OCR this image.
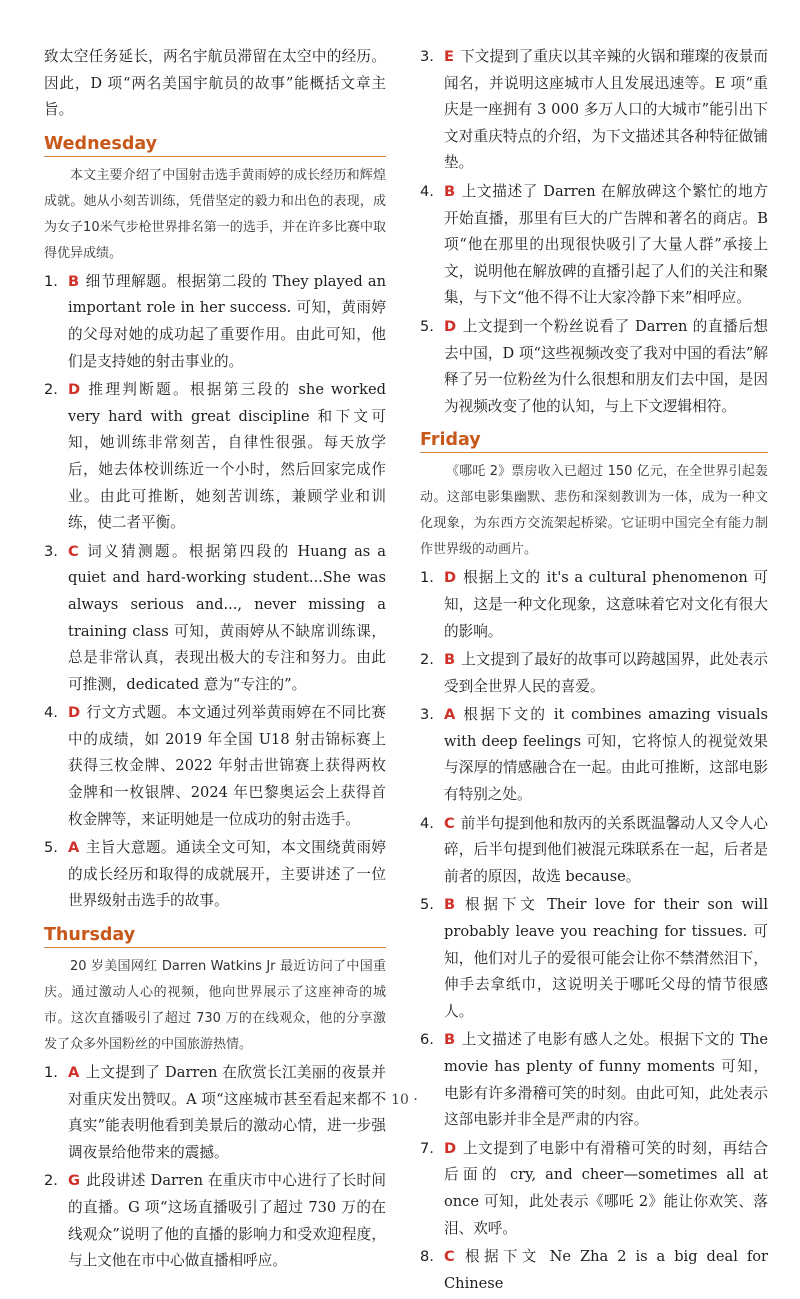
致太空任务延长，两名宇航员滞留在太空中的经历。因此，D 项“两名美国宇航员的故事”能概括文章主旨。

Wednesday

本文主要介绍了中国射击选手黄雨婷的成长经历和辉煌成就。她从小刻苦训练，凭借坚定的毅力和出色的表现，成为女子10米气步枪世界排名第一的选手，并在许多比赛中取得优异成绩。

1. B 细节理解题。根据第二段的 They played an important role in her success. 可知，黄雨婷的父母对她的成功起了重要作用。由此可知，他们是支持她的射击事业的。
2. D 推理判断题。根据第三段的 she worked very hard with great discipline 和下文可知，她训练非常刻苦，自律性很强。每天放学后，她去体校训练近一个小时，然后回家完成作业。由此可推断，她刻苦训练，兼顾学业和训练，使二者平衡。
3. C 词义猜测题。根据第四段的 Huang as a quiet and hard-working student...She was always serious and..., never missing a training class 可知，黄雨婷从不缺席训练课，总是非常认真，表现出极大的专注和努力。由此可推测，dedicated 意为“专注的”。
4. D 行文方式题。本文通过列举黄雨婷在不同比赛中的成绩，如 2019 年全国 U18 射击锦标赛上获得三枚金牌、2022 年射击世锦赛上获得两枚金牌和一枚银牌、2024 年巴黎奥运会上获得首枚金牌等，来证明她是一位成功的射击选手。
5. A 主旨大意题。通读全文可知，本文围绕黄雨婷的成长经历和取得的成就展开，主要讲述了一位世界级射击选手的故事。
Thursday

20 岁美国网红 Darren Watkins Jr 最近访问了中国重庆。通过激动人心的视频，他向世界展示了这座神奇的城市。这次直播吸引了超过 730 万的在线观众，他的分享激发了众多外国粉丝的中国旅游热情。

1. A 上文提到了 Darren 在欣赏长江美丽的夜景并对重庆发出赞叹。A 项“这座城市甚至看起来都不真实”能表明他看到美景后的激动心情，进一步强调夜景给他带来的震撼。
2. G 此段讲述 Darren 在重庆市中心进行了长时间的直播。G 项“这场直播吸引了超过 730 万的在线观众”说明了他的直播的影响力和受欢迎程度，与上文他在市中心做直播相呼应。
3. E 下文提到了重庆以其辛辣的火锅和璀璨的夜景而闻名，并说明这座城市人且发展迅速等。E 项“重庆是一座拥有 3 000 多万人口的大城市”能引出下文对重庆特点的介绍，为下文描述其各种特征做铺垫。
4. B 上文描述了 Darren 在解放碑这个繁忙的地方开始直播，那里有巨大的广告牌和著名的商店。B 项“他在那里的出现很快吸引了大量人群”承接上文，说明他在解放碑的直播引起了人们的关注和聚集，与下文“他不得不让大家冷静下来”相呼应。
5. D 上文提到一个粉丝说看了 Darren 的直播后想去中国，D 项“这些视频改变了我对中国的看法”解释了另一位粉丝为什么很想和朋友们去中国，是因为视频改变了他的认知，与上下文逻辑相符。
Friday

《哪吒 2》票房收入已超过 150 亿元，在全世界引起轰动。这部电影集幽默、悲伤和深刻教训为一体，成为一种文化现象，为东西方交流架起桥梁。它证明中国完全有能力制作世界级的动画片。

1. D 根据上文的 it's a cultural phenomenon 可知，这是一种文化现象，这意味着它对文化有很大的影响。
2. B 上文提到了最好的故事可以跨越国界，此处表示受到全世界人民的喜爱。
3. A 根据下文的 it combines amazing visuals with deep feelings 可知，它将惊人的视觉效果与深厚的情感融合在一起。由此可推断，这部电影有特别之处。
4. C 前半句提到他和敖丙的关系既温馨动人又令人心碎，后半句提到他们被混元珠联系在一起，后者是前者的原因，故选 because。
5. B 根据下文 Their love for their son will probably leave you reaching for tissues. 可知，他们对儿子的爱很可能会让你不禁潸然泪下，伸手去拿纸巾，这说明关于哪吒父母的情节很感人。
6. B 上文描述了电影有感人之处。根据下文的 The movie has plenty of funny moments 可知，电影有许多滑稽可笑的时刻。由此可知，此处表示这部电影并非全是严肃的内容。
7. D 上文提到了电影中有滑稽可笑的时刻，再结合后面的 cry, and cheer—sometimes all at once 可知，此处表示《哪吒 2》能让你欢笑、落泪、欢呼。
8. C 根据下文 Ne Zha 2 is a big deal for Chinese
· 10 ·
